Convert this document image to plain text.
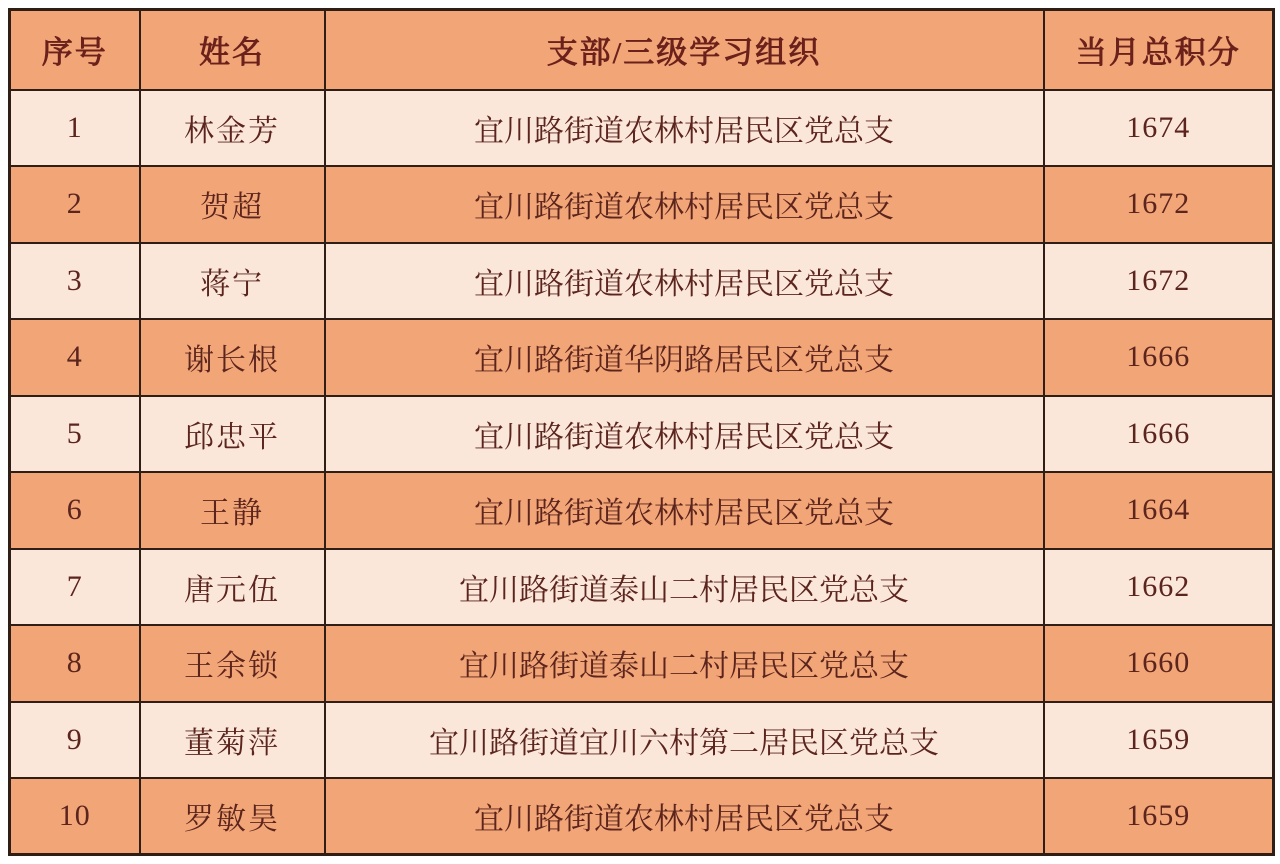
序号	姓名	支部/三级学习组织	当月总积分
1	林金芳	宜川路街道农林村居民区党总支	1674
2	贺超	宜川路街道农林村居民区党总支	1672
3	蒋宁	宜川路街道农林村居民区党总支	1672
4	谢长根	宜川路街道华阴路居民区党总支	1666
5	邱忠平	宜川路街道农林村居民区党总支	1666
6	王静	宜川路街道农林村居民区党总支	1664
7	唐元伍	宜川路街道泰山二村居民区党总支	1662
8	王余锁	宜川路街道泰山二村居民区党总支	1660
9	董菊萍	宜川路街道宜川六村第二居民区党总支	1659
10	罗敏昊	宜川路街道农林村居民区党总支	1659
